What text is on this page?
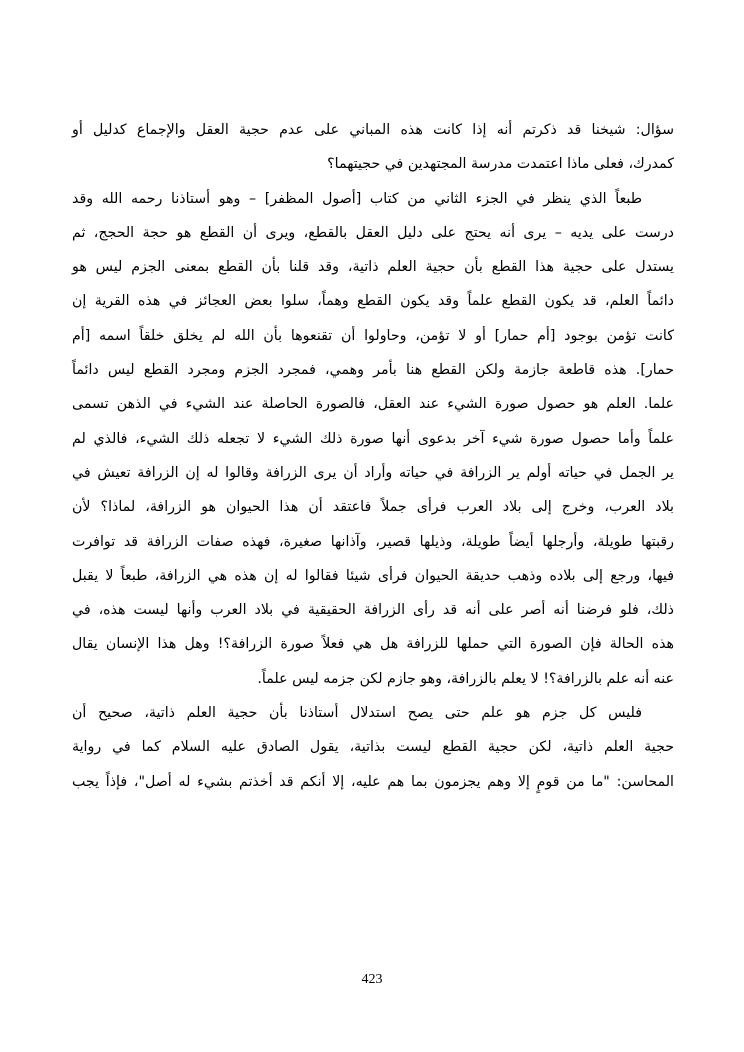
سؤال: شيخنا قد ذكرتم أنه إذا كانت هذه المباني على عدم حجية العقل والإجماع كدليل أو
كمدرك، فعلى ماذا اعتمدت مدرسة المجتهدين في حجيتهما؟
طبعاً الذي ينظر في الجزء الثاني من كتاب [أصول المظفر] – وهو أستاذنا رحمه الله وقد
درست على يديه – يرى أنه يحتج على دليل العقل بالقطع، ويرى أن القطع هو حجة الحجج، ثم
يستدل على حجية هذا القطع بأن حجية العلم ذاتية، وقد قلنا بأن القطع بمعنى الجزم ليس هو
دائماً العلم، قد يكون القطع علماً وقد يكون القطع وهماً، سلوا بعض العجائز في هذه القرية إن
كانت تؤمن بوجود [أم حمار] أو لا تؤمن، وحاولوا أن تقنعوها بأن الله لم يخلق خلقاً اسمه [أم
حمار]. هذه قاطعة جازمة ولكن القطع هنا بأمر وهمي، فمجرد الجزم ومجرد القطع ليس دائماً
علما. العلم هو حصول صورة الشيء عند العقل، فالصورة الحاصلة عند الشيء في الذهن تسمى
علماً وأما حصول صورة شيء آخر بدعوى أنها صورة ذلك الشيء لا تجعله ذلك الشيء، فالذي لم
ير الجمل في حياته أولم ير الزرافة في حياته وأراد أن يرى الزرافة وقالوا له إن الزرافة تعيش في
بلاد العرب، وخرج إلى بلاد العرب فرأى جملاً فاعتقد أن هذا الحيوان هو الزرافة، لماذا؟ لأن
رقبتها طويلة، وأرجلها أيضاً طويلة، وذيلها قصير، وآذانها صغيرة، فهذه صفات الزرافة قد توافرت
فيها، ورجع إلى بلاده وذهب حديقة الحيوان فرأى شيئا فقالوا له إن هذه هي الزرافة، طبعاً لا يقبل
ذلك، فلو فرضنا أنه أصر على أنه قد رأى الزرافة الحقيقية في بلاد العرب وأنها ليست هذه، في
هذه الحالة فإن الصورة التي حملها للزرافة هل هي فعلاً صورة الزرافة؟! وهل هذا الإنسان يقال
عنه أنه علم بالزرافة؟! لا يعلم بالزرافة، وهو جازم لكن جزمه ليس علماً.
فليس كل جزم هو علم حتى يصح استدلال أستاذنا بأن حجية العلم ذاتية، صحيح أن
حجية العلم ذاتية، لكن حجية القطع ليست بذاتية، يقول الصادق عليه السلام كما في رواية
المحاسن: "ما من قومٍ إلا وهم يجزمون بما هم عليه، إلا أنكم قد أخذتم بشيء له أصل"، فإذاً يجب
423
